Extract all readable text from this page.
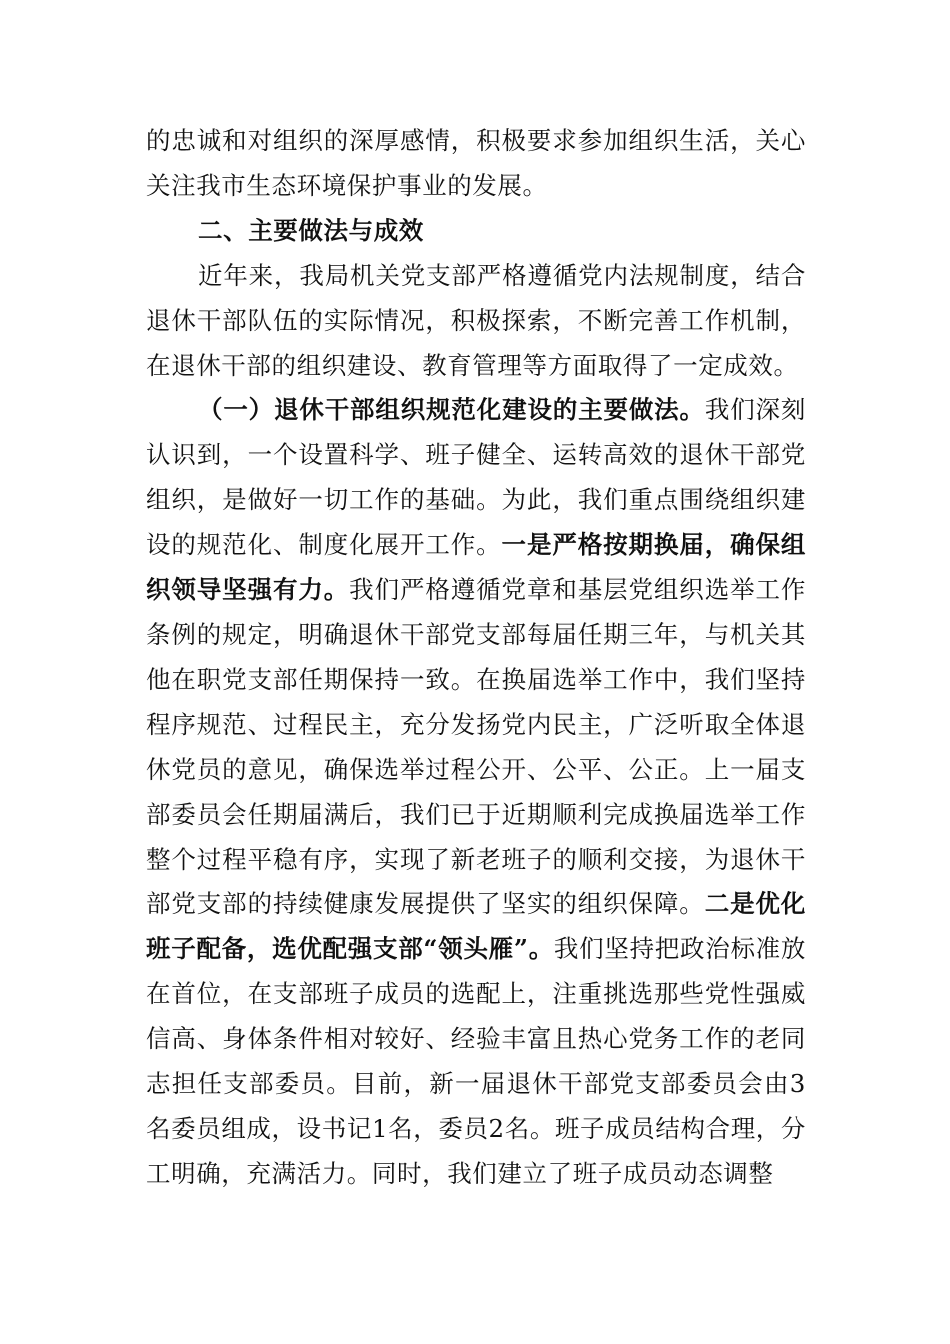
的忠诚和对组织的深厚感情，积极要求参加组织生活，关心关注我市生态环境保护事业的发展。

二、主要做法与成效

近年来，我局机关党支部严格遵循党内法规制度，结合退休干部队伍的实际情况，积极探索，不断完善工作机制，在退休干部的组织建设、教育管理等方面取得了一定成效。

（一）退休干部组织规范化建设的主要做法。我们深刻认识到，一个设置科学、班子健全、运转高效的退休干部党组织，是做好一切工作的基础。为此，我们重点围绕组织建设的规范化、制度化展开工作。一是严格按期换届，确保组织领导坚强有力。我们严格遵循党章和基层党组织选举工作条例的规定，明确退休干部党支部每届任期三年，与机关其他在职党支部任期保持一致。在换届选举工作中，我们坚持程序规范、过程民主，充分发扬党内民主，广泛听取全体退休党员的意见，确保选举过程公开、公平、公正。上一届支部委员会任期届满后，我们已于近期顺利完成换届选举工作整个过程平稳有序，实现了新老班子的顺利交接，为退休干部党支部的持续健康发展提供了坚实的组织保障。二是优化班子配备，选优配强支部“领头雁”。我们坚持把政治标准放在首位，在支部班子成员的选配上，注重挑选那些党性强威信高、身体条件相对较好、经验丰富且热心党务工作的老同志担任支部委员。目前，新一届退休干部党支部委员会由3名委员组成，设书记1名，委员2名。班子成员结构合理，分工明确，充满活力。同时，我们建立了班子成员动态调整
